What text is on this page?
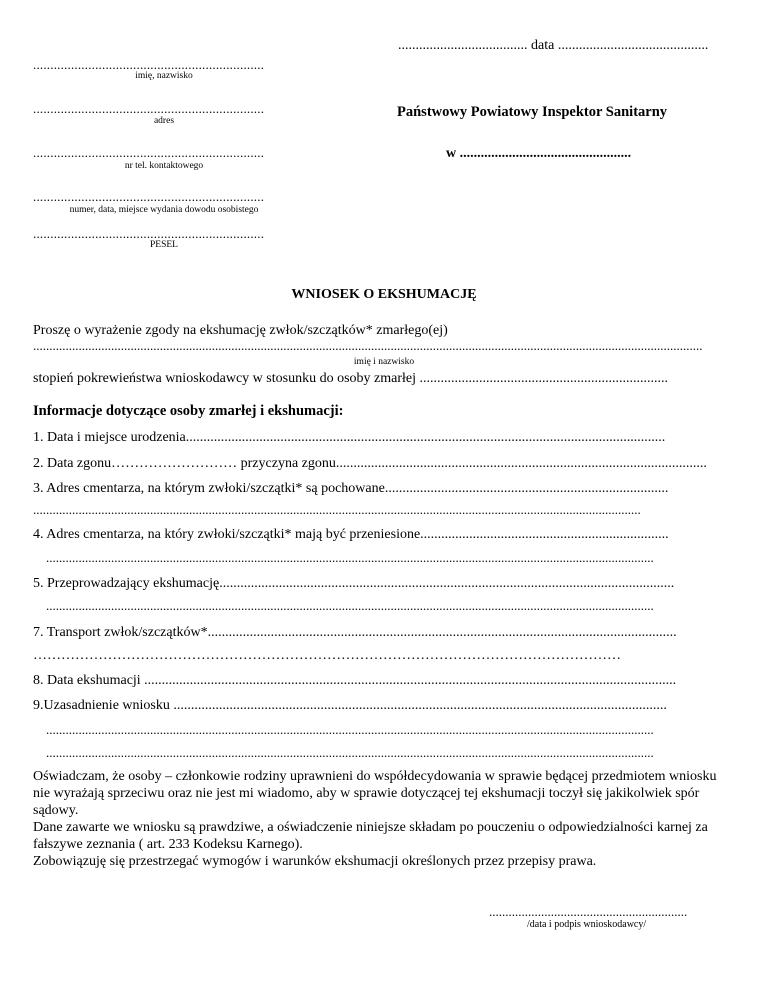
..................................... data ...........................................
...................................................................
imię, nazwisko
...................................................................
adres
...................................................................
nr tel. kontaktowego
...................................................................
numer, data, miejsce wydania dowodu osobistego
...................................................................
PESEL
Państwowy Powiatowy Inspektor Sanitarny
w .................................................
WNIOSEK O EKSHUMACJĘ
Proszę o wyrażenie zgody na ekshumację zwłok/szczątków* zmarłego(ej)
..............................................................................................................................................................................................................
imię i nazwisko
stopień pokrewieństwa wnioskodawcy w stosunku do osoby zmarłej .......................................................................
Informacje dotyczące osoby zmarłej i ekshumacji:
1. Data i miejsce urodzenia.........................................................................................................................................
2. Data zgonu……………………… przyczyna zgonu..........................................................................................................
3. Adres cmentarza, na którym zwłoki/szczątki* są pochowane.................................................................................
...........................................................................................................................................................................................
4. Adres cmentarza, na który zwłoki/szczątki* mają być przeniesione.......................................................................
...........................................................................................................................................................................................
5. Przeprowadzający ekshumację..................................................................................................................................
...........................................................................................................................................................................................
7. Transport zwłok/szczątków*......................................................................................................................................
………………………………………………………………………………………………………………
8. Data ekshumacji ........................................................................................................................................................
9.Uzasadnienie wniosku .............................................................................................................................................
...........................................................................................................................................................................................
...........................................................................................................................................................................................

Oświadczam, że osoby – członkowie rodziny uprawnieni do współdecydowania w sprawie będącej przedmiotem wniosku nie wyrażają sprzeciwu oraz nie jest mi wiadomo, aby w sprawie dotyczącej tej ekshumacji toczył się jakikolwiek spór sądowy.

Dane zawarte we wniosku są prawdziwe, a oświadczenie niniejsze składam po pouczeniu o odpowiedzialności karnej za fałszywe zeznania ( art. 233 Kodeksu Karnego).

Zobowiązuję się przestrzegać wymogów i warunków ekshumacji określonych przez przepisy prawa.

.............................................................
/data i podpis wnioskodawcy/
